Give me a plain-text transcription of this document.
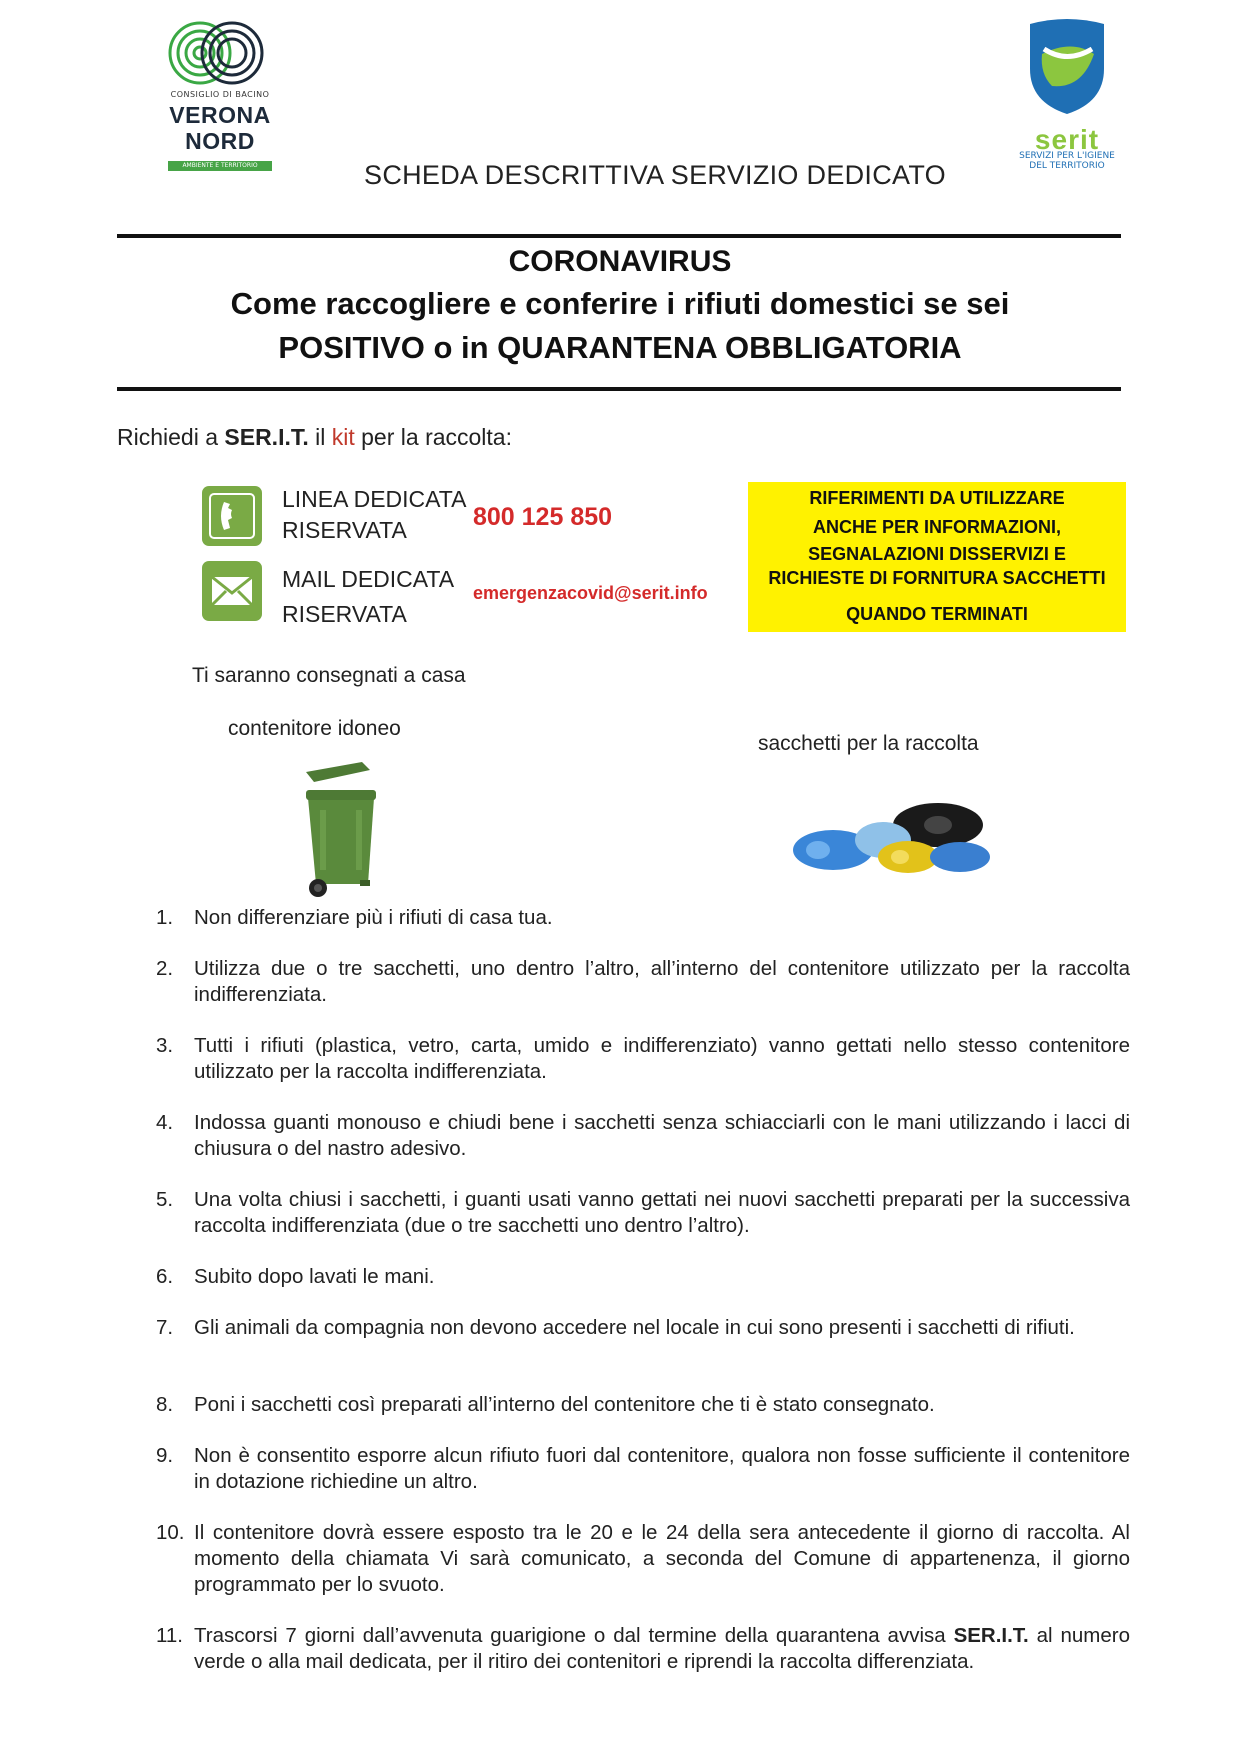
CONSIGLIO DI BACINO
VERONA
NORD
AMBIENTE E TERRITORIO
serit
SERVIZI PER L'IGIENE
DEL TERRITORIO
SCHEDA DESCRITTIVA SERVIZIO DEDICATO
CORONAVIRUS
Come raccogliere e conferire i rifiuti domestici se sei
POSITIVO o in QUARANTENA OBBLIGATORIA
Richiedi a SER.I.T. il kit per la raccolta:
LINEA DEDICATA
RISERVATA	800 125 850
MAIL DEDICATA
RISERVATA
emergenzacovid@serit.info
RIFERIMENTI DA UTILIZZARE
ANCHE PER INFORMAZIONI,
SEGNALAZIONI DISSERVIZI E
RICHIESTE DI FORNITURA SACCHETTI
QUANDO TERMINATI
Ti saranno consegnati a casa
contenitore idoneo
sacchetti per la raccolta
1. Non differenziare più i rifiuti di casa tua.
2. Utilizza due o tre sacchetti, uno dentro l’altro, all’interno del contenitore utilizzato per la raccolta indifferenziata.
3. Tutti i rifiuti (plastica, vetro, carta, umido e indifferenziato) vanno gettati nello stesso contenitore utilizzato per la raccolta indifferenziata.
4. Indossa guanti monouso e chiudi bene i sacchetti senza schiacciarli con le mani utilizzando i lacci di chiusura o del nastro adesivo.
5. Una volta chiusi i sacchetti, i guanti usati vanno gettati nei nuovi sacchetti preparati per la successiva raccolta indifferenziata (due o tre sacchetti uno dentro l’altro).
6. Subito dopo lavati le mani.
7. Gli animali da compagnia non devono accedere nel locale in cui sono presenti i sacchetti di rifiuti.
8. Poni i sacchetti così preparati all’interno del contenitore che ti è stato consegnato.
9. Non è consentito esporre alcun rifiuto fuori dal contenitore, qualora non fosse sufficiente il contenitore in dotazione richiedine un altro.
10. Il contenitore dovrà essere esposto tra le 20 e le 24 della sera antecedente il giorno di raccolta. Al momento della chiamata Vi sarà comunicato, a seconda del Comune di appartenenza, il giorno programmato per lo svuoto.
11. Trascorsi 7 giorni dall’avvenuta guarigione o dal termine della quarantena avvisa SER.I.T. al numero verde o alla mail dedicata, per il ritiro dei contenitori e riprendi la raccolta differenziata.
